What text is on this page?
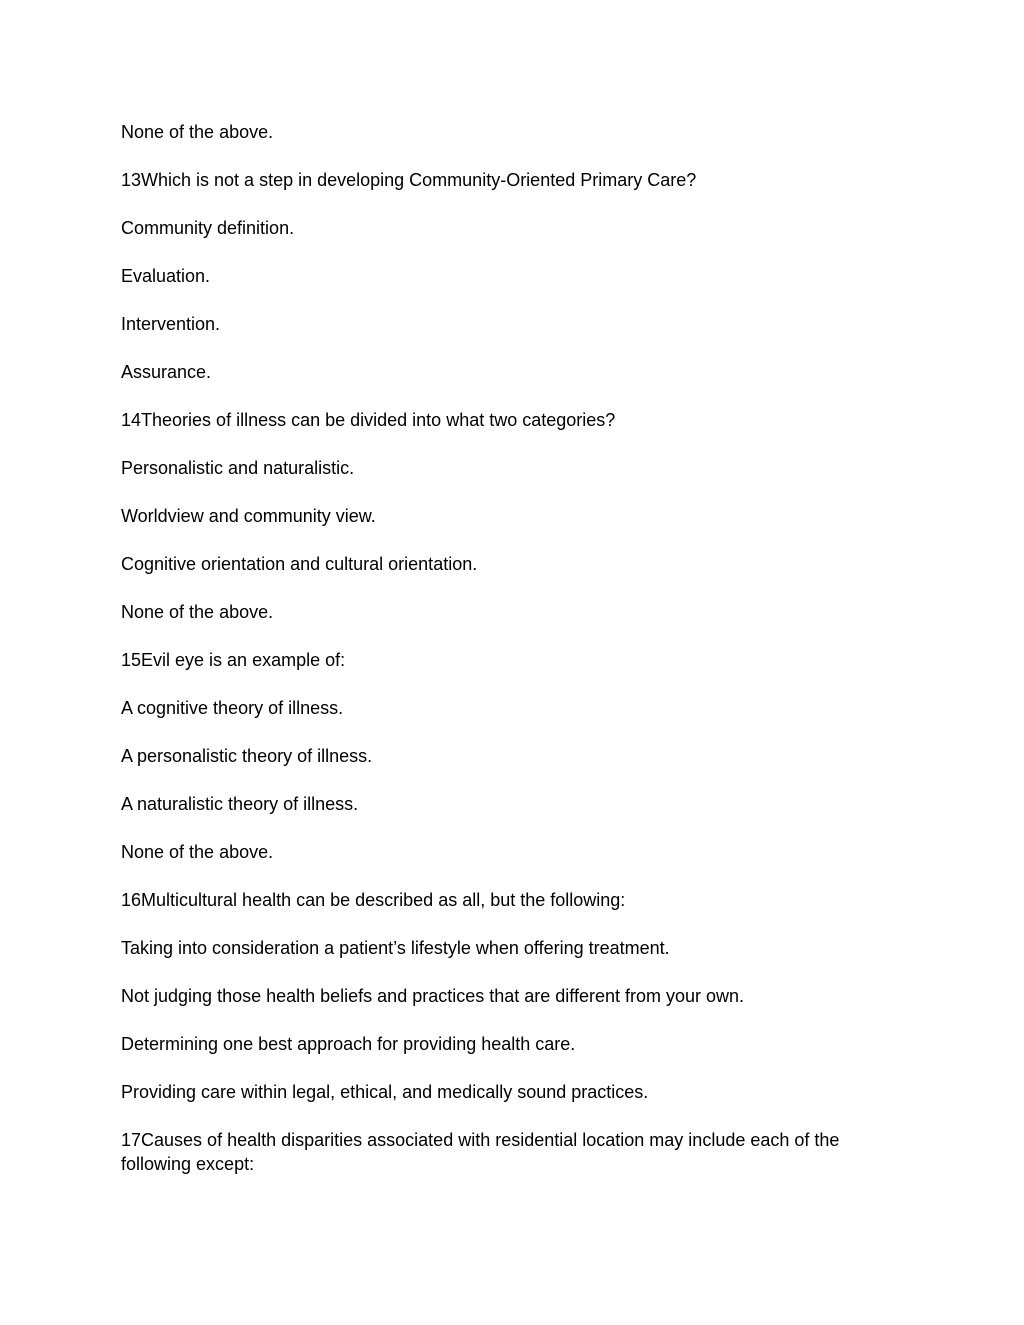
None of the above.

13Which is not a step in developing Community-Oriented Primary Care?

Community definition.

Evaluation.

Intervention.

Assurance.

14Theories of illness can be divided into what two categories?

Personalistic and naturalistic.

Worldview and community view.

Cognitive orientation and cultural orientation.

None of the above.

15Evil eye is an example of:

A cognitive theory of illness.

A personalistic theory of illness.

A naturalistic theory of illness.

None of the above.

16Multicultural health can be described as all, but the following:

Taking into consideration a patient’s lifestyle when offering treatment.

Not judging those health beliefs and practices that are different from your own.

Determining one best approach for providing health care.

Providing care within legal, ethical, and medically sound practices.

17Causes of health disparities associated with residential location may include each of the following except:
